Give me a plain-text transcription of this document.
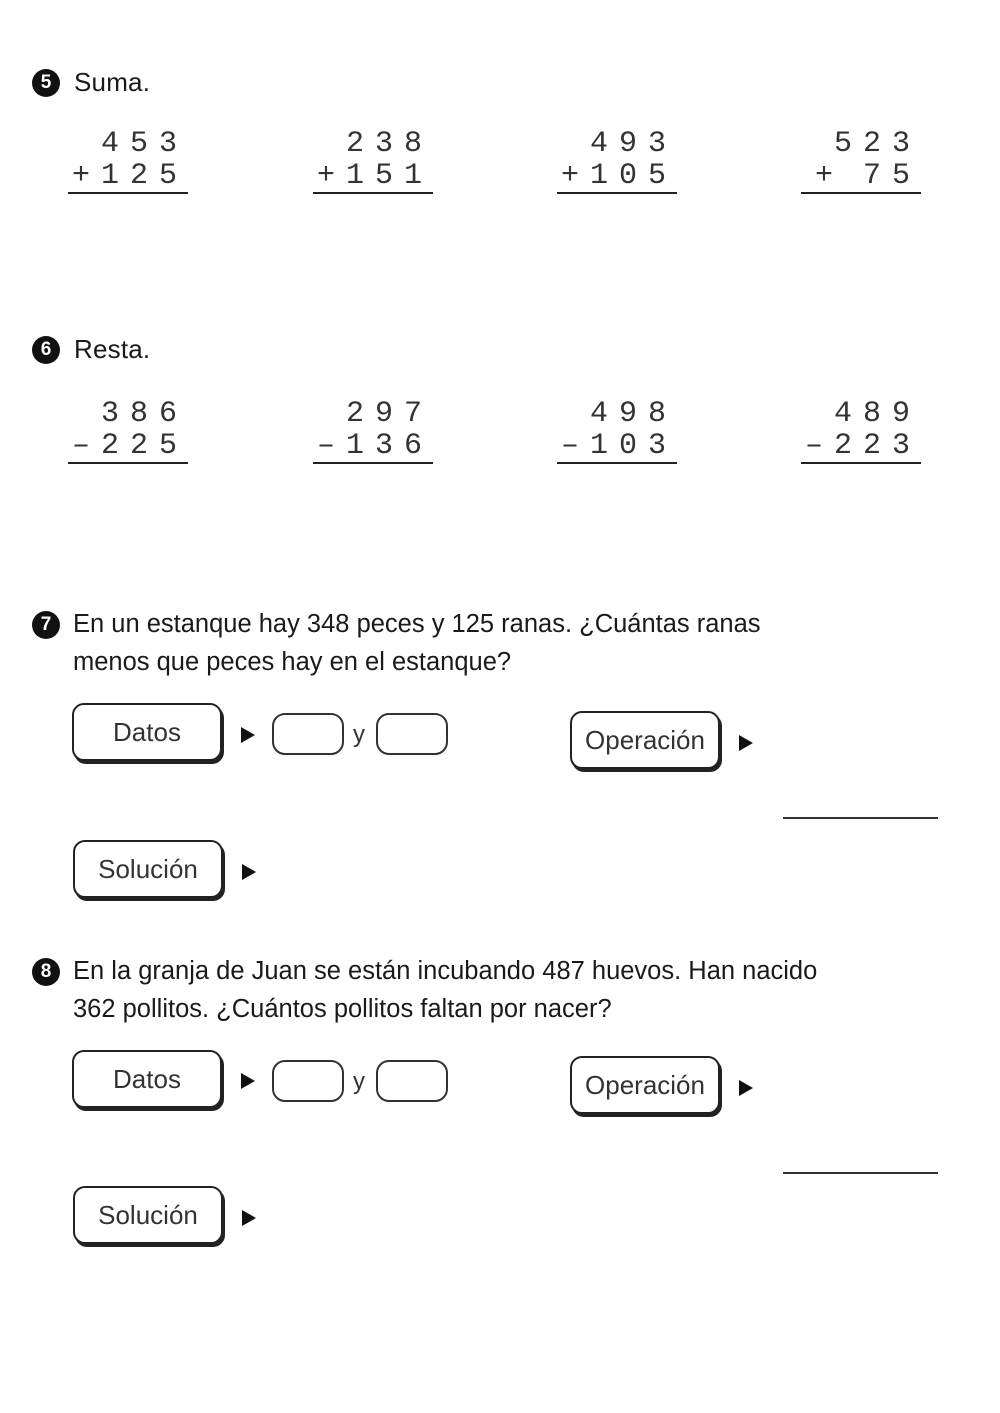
5 Suma.
453
+ 125
238
+ 151
493
+ 105
523
+ 75
6 Resta.
386
– 225
297
– 136
498
– 103
489
– 223
7 En un estanque hay 348 peces y 125 ranas. ¿Cuántas ranas
menos que peces hay en el estanque?
Datos	y	Operación
Solución
8 En la granja de Juan se están incubando 487 huevos. Han nacido
362 pollitos. ¿Cuántos pollitos faltan por nacer?
Datos	y	Operación
Solución
